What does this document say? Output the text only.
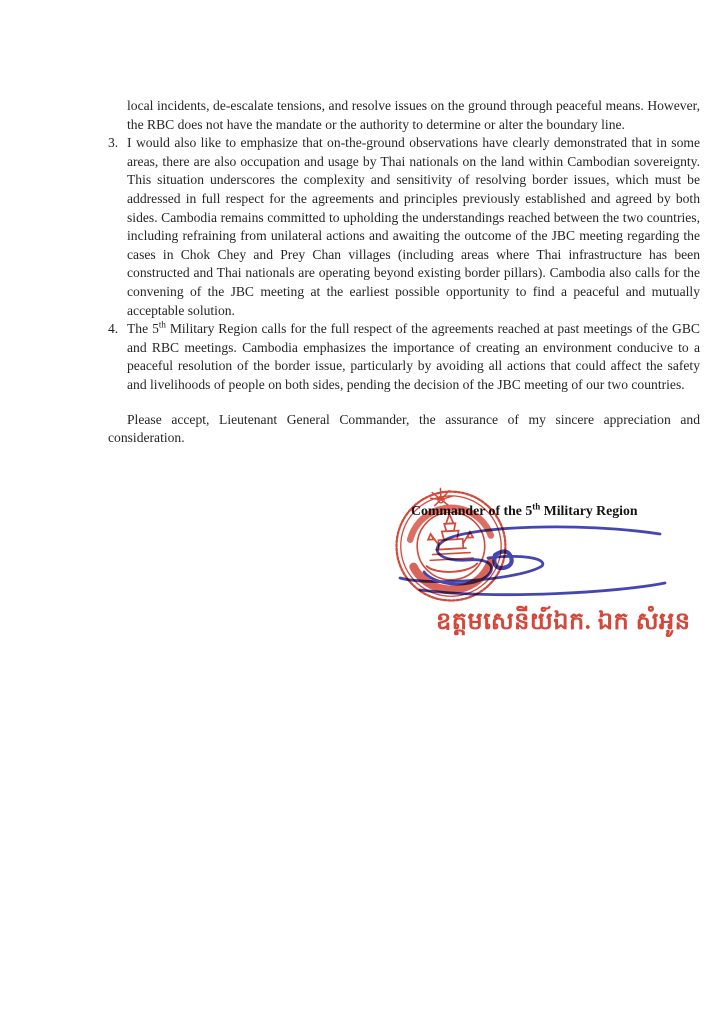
local incidents, de-escalate tensions, and resolve issues on the ground through peaceful means. However, the RBC does not have the mandate or the authority to determine or alter the boundary line.

3. I would also like to emphasize that on-the-ground observations have clearly demonstrated that in some areas, there are also occupation and usage by Thai nationals on the land within Cambodian sovereignty. This situation underscores the complexity and sensitivity of resolving border issues, which must be addressed in full respect for the agreements and principles previously established and agreed by both sides. Cambodia remains committed to upholding the understandings reached between the two countries, including refraining from unilateral actions and awaiting the outcome of the JBC meeting regarding the cases in Chok Chey and Prey Chan villages (including areas where Thai infrastructure has been constructed and Thai nationals are operating beyond existing border pillars). Cambodia also calls for the convening of the JBC meeting at the earliest possible opportunity to find a peaceful and mutually acceptable solution.

4. The 5th Military Region calls for the full respect of the agreements reached at past meetings of the GBC and RBC meetings. Cambodia emphasizes the importance of creating an environment conducive to a peaceful resolution of the border issue, particularly by avoiding all actions that could affect the safety and livelihoods of people on both sides, pending the decision of the JBC meeting of our two countries.

Please accept, Lieutenant General Commander, the assurance of my sincere appreciation and consideration.

Commander of the 5th Military Region
ឧត្តមសេនីយ៍ឯក. ឯក សំអូន
